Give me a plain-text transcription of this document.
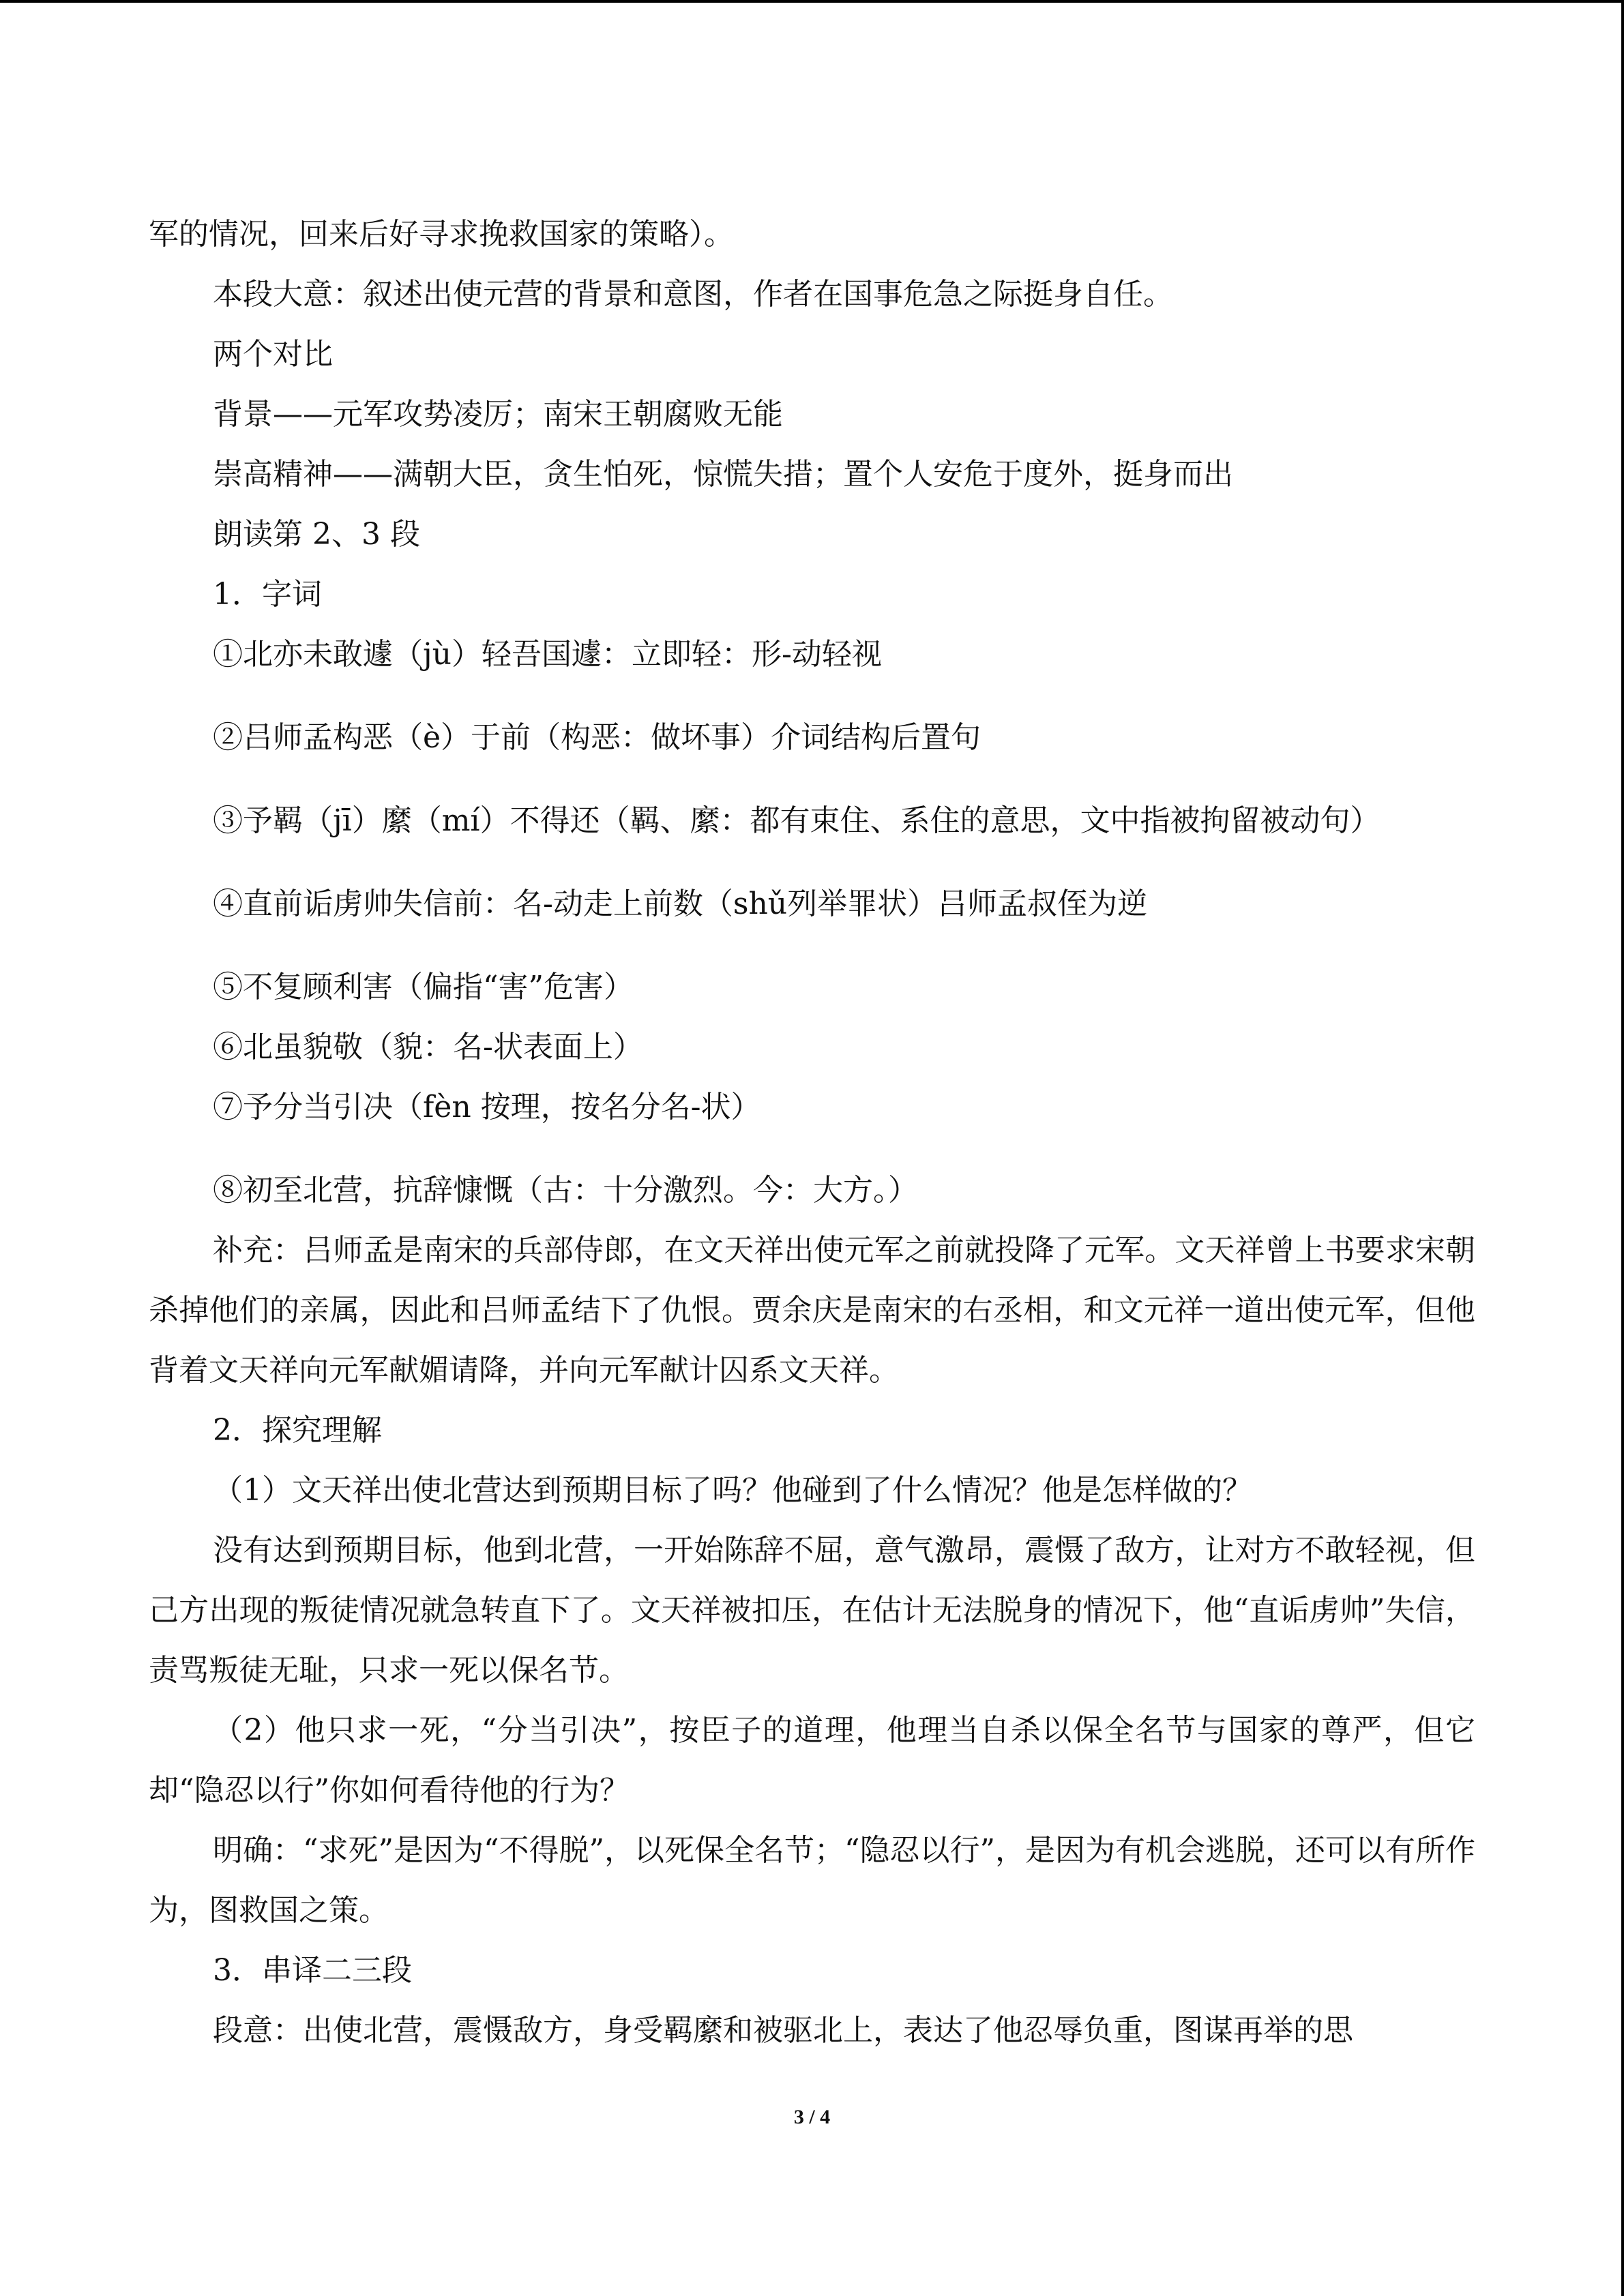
军的情况，回来后好寻求挽救国家的策略）。
本段大意：叙述出使元营的背景和意图，作者在国事危急之际挺身自任。
两个对比
背景——元军攻势凌厉；南宋王朝腐败无能
崇高精神——满朝大臣，贪生怕死，惊慌失措；置个人安危于度外，挺身而出
朗读第 2、3 段
1．字词
①北亦未敢遽（jù）轻吾国遽：立即轻：形-动轻视
②吕师孟构恶（è）于前（构恶：做坏事）介词结构后置句
③予羁（jī）縻（mí）不得还（羁、縻：都有束住、系住的意思，文中指被拘留被动句）
④直前诟虏帅失信前：名-动走上前数（shǔ列举罪状）吕师孟叔侄为逆
⑤不复顾利害（偏指“害”危害）
⑥北虽貌敬（貌：名-状表面上）
⑦予分当引决（fèn 按理，按名分名-状）
⑧初至北营，抗辞慷慨（古：十分激烈。今：大方。）
补充：吕师孟是南宋的兵部侍郎，在文天祥出使元军之前就投降了元军。文天祥曾上书要求宋朝杀掉他们的亲属，因此和吕师孟结下了仇恨。贾余庆是南宋的右丞相，和文元祥一道出使元军，但他背着文天祥向元军献媚请降，并向元军献计囚系文天祥。
2．探究理解
（1）文天祥出使北营达到预期目标了吗？他碰到了什么情况？他是怎样做的？
没有达到预期目标，他到北营，一开始陈辞不屈，意气激昂，震慑了敌方，让对方不敢轻视，但己方出现的叛徒情况就急转直下了。文天祥被扣压，在估计无法脱身的情况下，他“直诟虏帅”失信，责骂叛徒无耻，只求一死以保名节。
（2）他只求一死，“分当引决”，按臣子的道理，他理当自杀以保全名节与国家的尊严，但它却“隐忍以行”你如何看待他的行为？
明确：“求死”是因为“不得脱”，以死保全名节；“隐忍以行”，是因为有机会逃脱，还可以有所作为，图救国之策。
3．串译二三段
段意：出使北营，震慑敌方，身受羁縻和被驱北上，表达了他忍辱负重，图谋再举的思
3 / 4
